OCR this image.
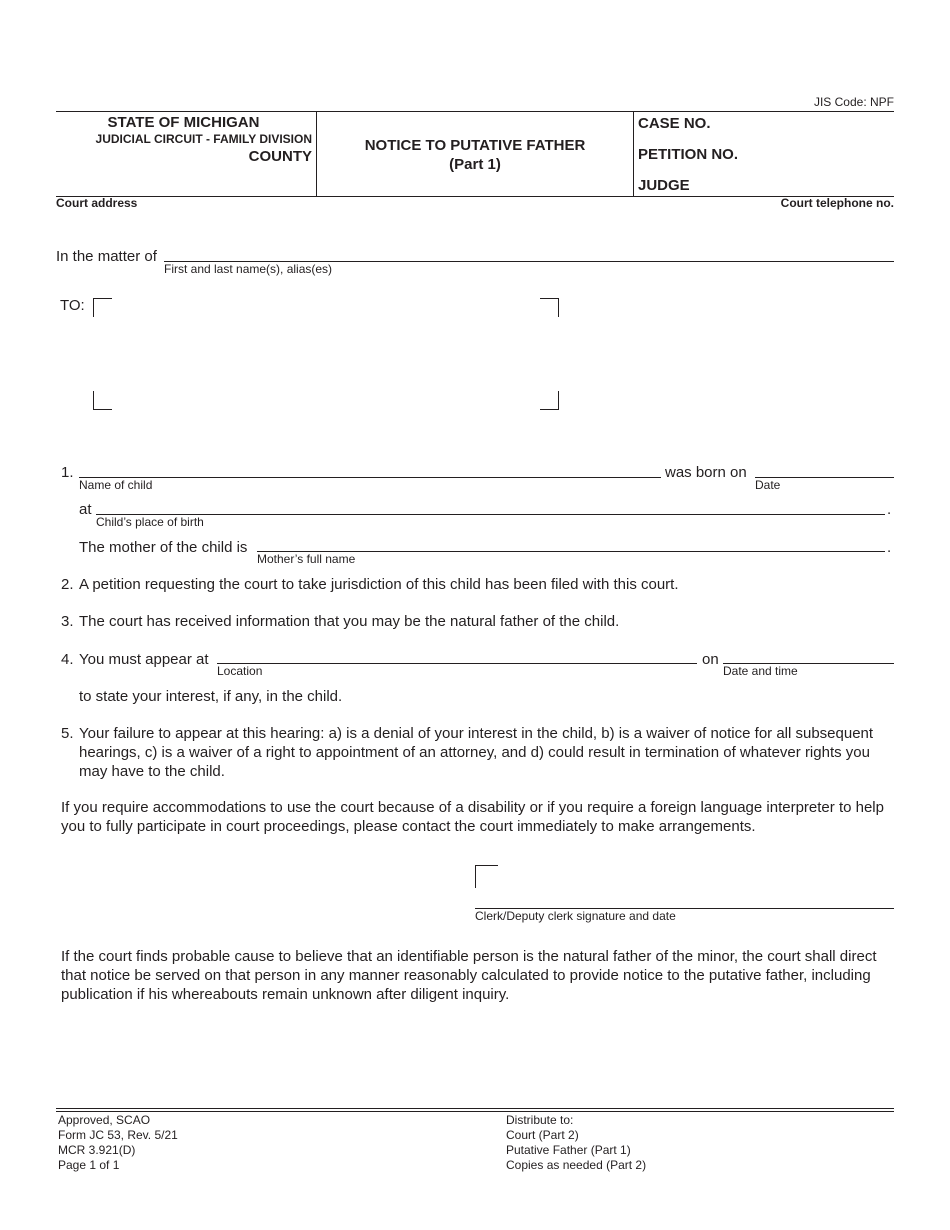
JIS Code: NPF
STATE OF MICHIGAN
JUDICIAL CIRCUIT - FAMILY DIVISION
COUNTY
NOTICE TO PUTATIVE FATHER
(Part 1)
CASE NO.
PETITION NO.
JUDGE
Court address	Court telephone no.
In the matter of
First and last name(s), alias(es)
TO:
1.
Name of child
was born on
Date
at	.
Child’s place of birth
The mother of the child is	.
Mother’s full name
2. A petition requesting the court to take jurisdiction of this child has been filed with this court.
3. The court has received information that you may be the natural father of the child.
4. You must appear at
Location
on
Date and time
to state your interest, if any, in the child.
5. Your failure to appear at this hearing: a) is a denial of your interest in the child, b) is a waiver of notice for all subsequent hearings, c) is a waiver of a right to appointment of an attorney, and d) could result in termination of whatever rights you may have to the child.
If you require accommodations to use the court because of a disability or if you require a foreign language interpreter to help you to fully participate in court proceedings, please contact the court immediately to make arrangements.
Clerk/Deputy clerk signature and date
If the court finds probable cause to believe that an identifiable person is the natural father of the minor, the court shall direct that notice be served on that person in any manner reasonably calculated to provide notice to the putative father, including publication if his whereabouts remain unknown after diligent inquiry.
Approved, SCAO
Form JC 53, Rev. 5/21
MCR 3.921(D)
Page 1 of 1
Distribute to:
Court (Part 2)
Putative Father (Part 1)
Copies as needed (Part 2)
